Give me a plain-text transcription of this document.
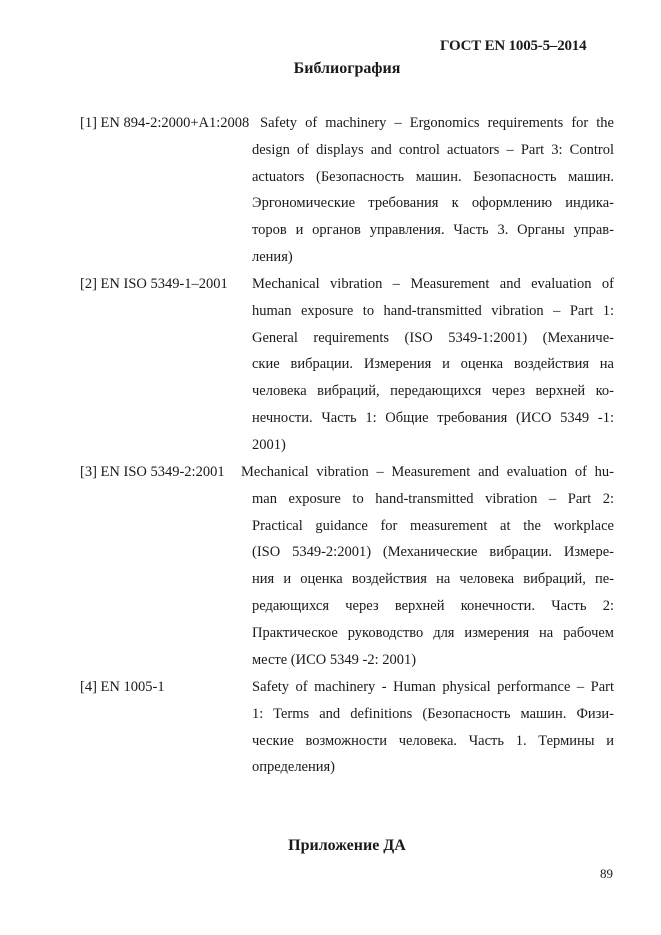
ГОСТ EN 1005-5–2014
Библиография
[1] EN 894-2:2000+A1:2008 Safety of machinery – Ergonomics requirements for the
design of displays and control actuators – Part 3: Control
actuators (Безопасность машин. Безопасность машин.
Эргономические требования к оформлению индика-
торов и органов управления. Часть 3. Органы управ-
ления)
[2] EN ISO 5349-1–2001 Mechanical vibration – Measurement and evaluation of
human exposure to hand-transmitted vibration – Part 1:
General requirements (ISO 5349-1:2001) (Механиче-
ские вибрации. Измерения и оценка воздействия на
человека вибраций, передающихся через верхней ко-
нечности. Часть 1: Общие требования (ИСО 5349 -1:
2001)
[3] EN ISO 5349-2:2001 Mechanical vibration – Measurement and evaluation of hu-
man exposure to hand-transmitted vibration – Part 2:
Practical guidance for measurement at the workplace
(ISO 5349-2:2001) (Механические вибрации. Измере-
ния и оценка воздействия на человека вибраций, пе-
редающихся через верхней конечности. Часть 2:
Практическое руководство для измерения на рабочем
месте (ИСО 5349 -2: 2001)
[4] EN 1005-1	Safety of machinery - Human physical performance – Part
1: Terms and definitions (Безопасность машин. Физи-
ческие возможности человека. Часть 1. Термины и
определения)
Приложение ДА
89
